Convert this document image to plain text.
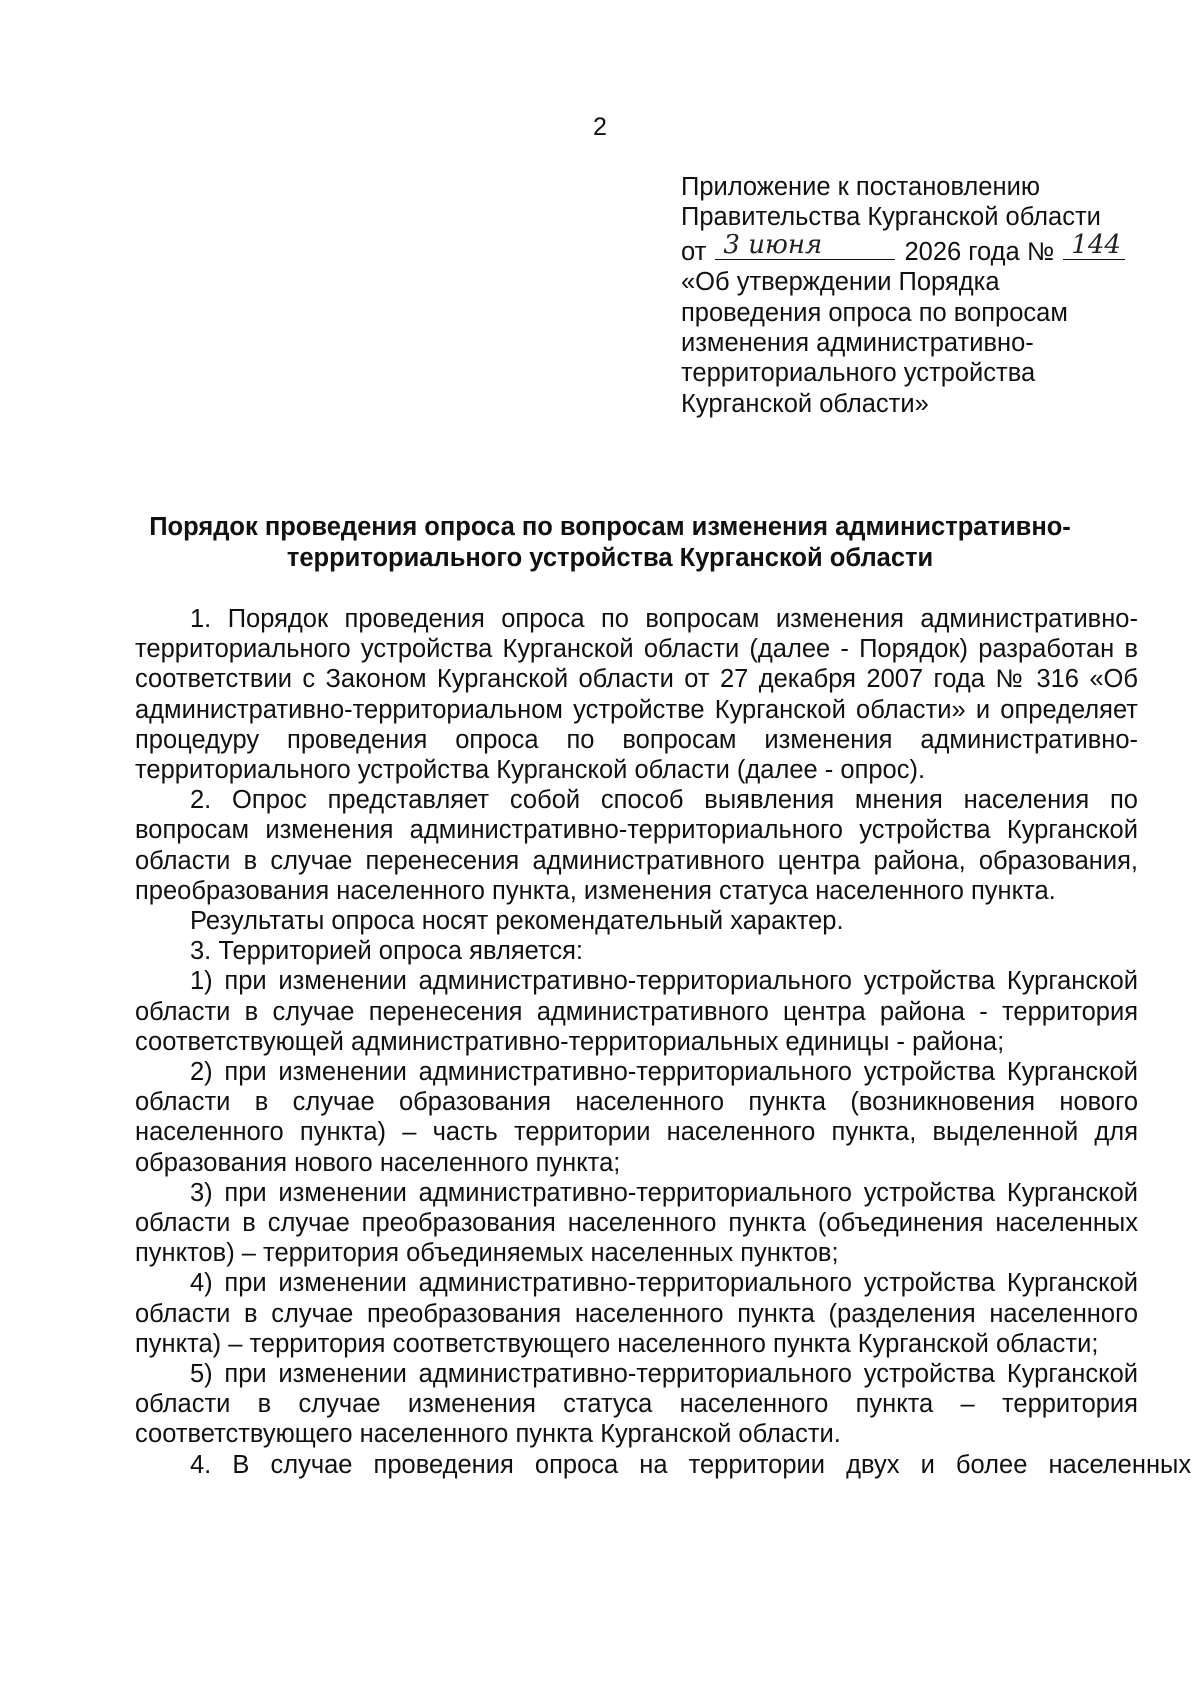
2
Приложение к постановлению
Правительства Курганской области
от 3 июня	2026 года № 144
«Об утверждении Порядка
проведения опроса по вопросам
изменения административно-
территориального устройства
Курганской области»
Порядок проведения опроса по вопросам изменения административно-
территориального устройства Курганской области

1. Порядок проведения опроса по вопросам изменения административно-территориального устройства Курганской области (далее - Порядок) разработан в соответствии с Законом Курганской области от 27 декабря 2007 года № 316 «Об административно-территориальном устройстве Курганской области» и определяет процедуру проведения опроса по вопросам изменения административно-территориального устройства Курганской области (далее - опрос).

2. Опрос представляет собой способ выявления мнения населения по вопросам изменения административно-территориального устройства Курганской области в случае перенесения административного центра района, образования, преобразования населенного пункта, изменения статуса населенного пункта.

Результаты опроса носят рекомендательный характер.

3. Территорией опроса является:

1) при изменении административно-территориального устройства Курганской области в случае перенесения административного центра района - территория соответствующей административно-территориальных единицы - района;

2) при изменении административно-территориального устройства Курганской области в случае образования населенного пункта (возникновения нового населенного пункта) – часть территории населенного пункта, выделенной для образования нового населенного пункта;

3) при изменении административно-территориального устройства Курганской области в случае преобразования населенного пункта (объединения населенных пунктов) – территория объединяемых населенных пунктов;

4) при изменении административно-территориального устройства Курганской области в случае преобразования населенного пункта (разделения населенного пункта) – территория соответствующего населенного пункта Курганской области;

5) при изменении административно-территориального устройства Курганской области в случае изменения статуса населенного пункта – территория соответствующего населенного пункта Курганской области.

4. В случае проведения опроса на территории двух и более населенных
